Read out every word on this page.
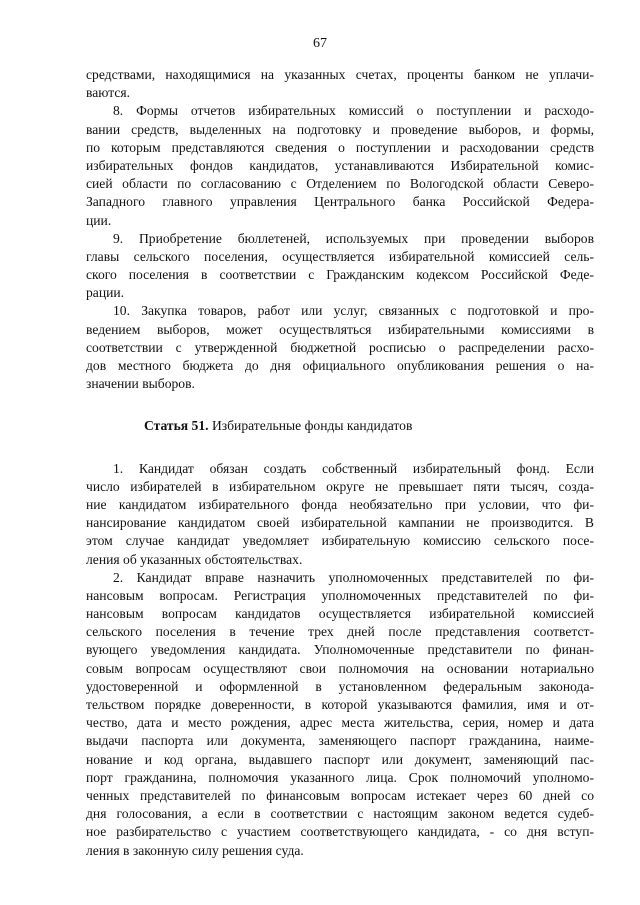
67
средствами, находящимися на указанных счетах, проценты банком не уплачи-
ваются.
8. Формы отчетов избирательных комиссий о поступлении и расходо-
вании средств, выделенных на подготовку и проведение выборов, и формы,
по которым представляются сведения о поступлении и расходовании средств
избирательных фондов кандидатов, устанавливаются Избирательной комис-
сией области по согласованию с Отделением по Вологодской области Северо-
Западного главного управления Центрального банка Российской Федера-
ции.
9. Приобретение бюллетеней, используемых при проведении выборов
главы сельского поселения, осуществляется избирательной комиссией сель-
ского поселения в соответствии с Гражданским кодексом Российской Феде-
рации.
10. Закупка товаров, работ или услуг, связанных с подготовкой и про-
ведением выборов, может осуществляться избирательными комиссиями в
соответствии с утвержденной бюджетной росписью о распределении расхо-
дов местного бюджета до дня официального опубликования решения о на-
значении выборов.
Статья 51. Избирательные фонды кандидатов
1. Кандидат обязан создать собственный избирательный фонд. Если
число избирателей в избирательном округе не превышает пяти тысяч, созда-
ние кандидатом избирательного фонда необязательно при условии, что фи-
нансирование кандидатом своей избирательной кампании не производится. В
этом случае кандидат уведомляет избирательную комиссию сельского посе-
ления об указанных обстоятельствах.
2. Кандидат вправе назначить уполномоченных представителей по фи-
нансовым вопросам. Регистрация уполномоченных представителей по фи-
нансовым вопросам кандидатов осуществляется избирательной комиссией
сельского поселения в течение трех дней после представления соответст-
вующего уведомления кандидата. Уполномоченные представители по финан-
совым вопросам осуществляют свои полномочия на основании нотариально
удостоверенной и оформленной в установленном федеральным законода-
тельством порядке доверенности, в которой указываются фамилия, имя и от-
чество, дата и место рождения, адрес места жительства, серия, номер и дата
выдачи паспорта или документа, заменяющего паспорт гражданина, наиме-
нование и код органа, выдавшего паспорт или документ, заменяющий пас-
порт гражданина, полномочия указанного лица. Срок полномочий уполномо-
ченных представителей по финансовым вопросам истекает через 60 дней со
дня голосования, а если в соответствии с настоящим законом ведется судеб-
ное разбирательство с участием соответствующего кандидата, - со дня вступ-
ления в законную силу решения суда.
